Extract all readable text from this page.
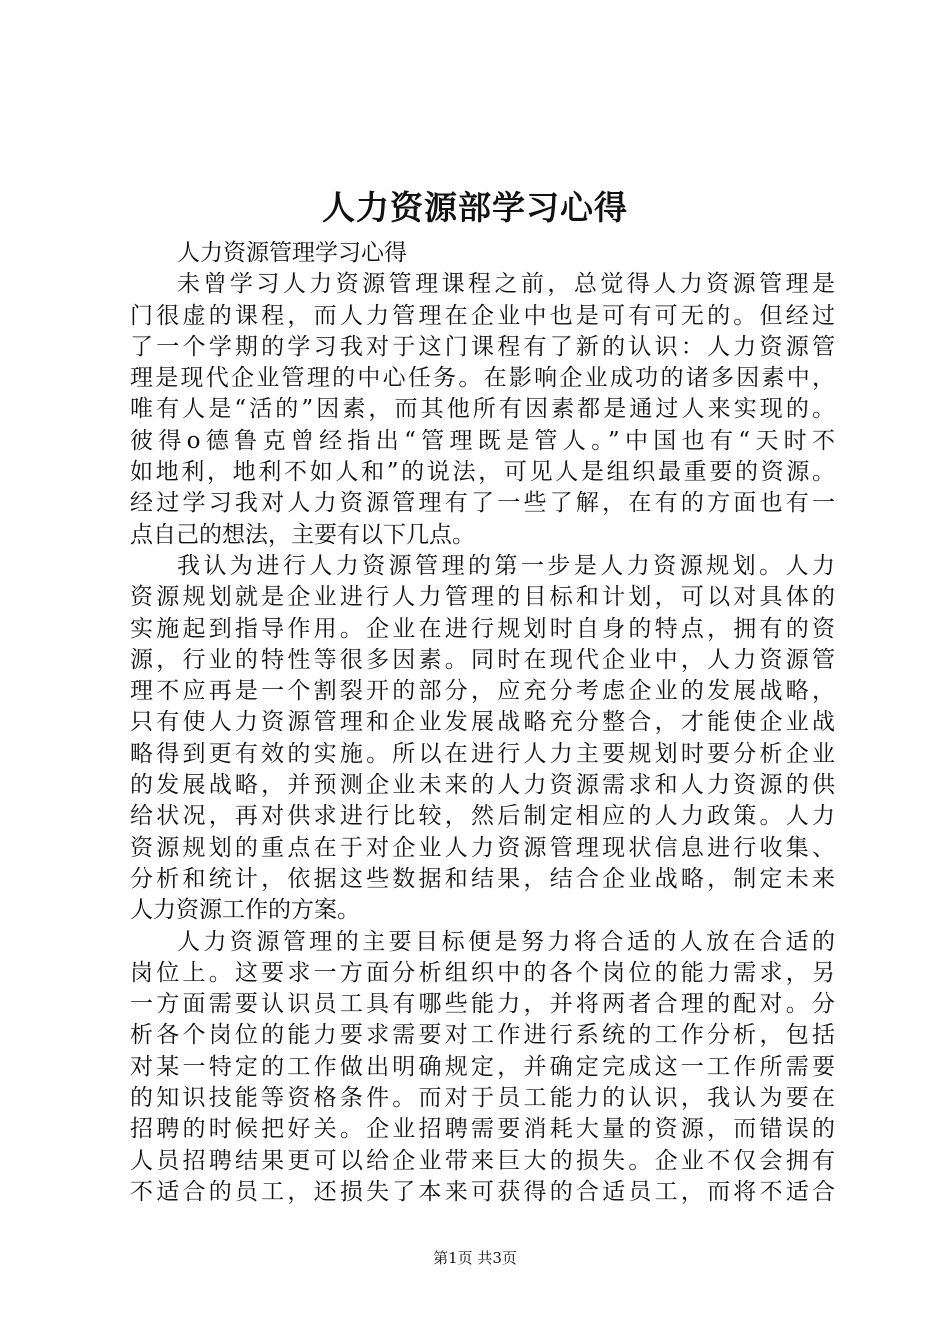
人力资源部学习心得
人力资源管理学习心得
未曾学习人力资源管理课程之前，总觉得人力资源管理是
门很虚的课程，而人力管理在企业中也是可有可无的。但经过
了一个学期的学习我对于这门课程有了新的认识：人力资源管
理是现代企业管理的中心任务。在影响企业成功的诸多因素中，
唯有人是“活的”因素，而其他所有因素都是通过人来实现的。
彼得o德鲁克曾经指出“管理既是管人。”中国也有“天时不
如地利，地利不如人和”的说法，可见人是组织最重要的资源。
经过学习我对人力资源管理有了一些了解，在有的方面也有一
点自己的想法，主要有以下几点。
我认为进行人力资源管理的第一步是人力资源规划。人力
资源规划就是企业进行人力管理的目标和计划，可以对具体的
实施起到指导作用。企业在进行规划时自身的特点，拥有的资
源，行业的特性等很多因素。同时在现代企业中，人力资源管
理不应再是一个割裂开的部分，应充分考虑企业的发展战略，
只有使人力资源管理和企业发展战略充分整合，才能使企业战
略得到更有效的实施。所以在进行人力主要规划时要分析企业
的发展战略，并预测企业未来的人力资源需求和人力资源的供
给状况，再对供求进行比较，然后制定相应的人力政策。人力
资源规划的重点在于对企业人力资源管理现状信息进行收集、
分析和统计，依据这些数据和结果，结合企业战略，制定未来
人力资源工作的方案。
人力资源管理的主要目标便是努力将合适的人放在合适的
岗位上。这要求一方面分析组织中的各个岗位的能力需求，另
一方面需要认识员工具有哪些能力，并将两者合理的配对。分
析各个岗位的能力要求需要对工作进行系统的工作分析，包括
对某一特定的工作做出明确规定，并确定完成这一工作所需要
的知识技能等资格条件。而对于员工能力的认识，我认为要在
招聘的时候把好关。企业招聘需要消耗大量的资源，而错误的
人员招聘结果更可以给企业带来巨大的损失。企业不仅会拥有
不适合的员工，还损失了本来可获得的合适员工，而将不适合
第1页 共3页
